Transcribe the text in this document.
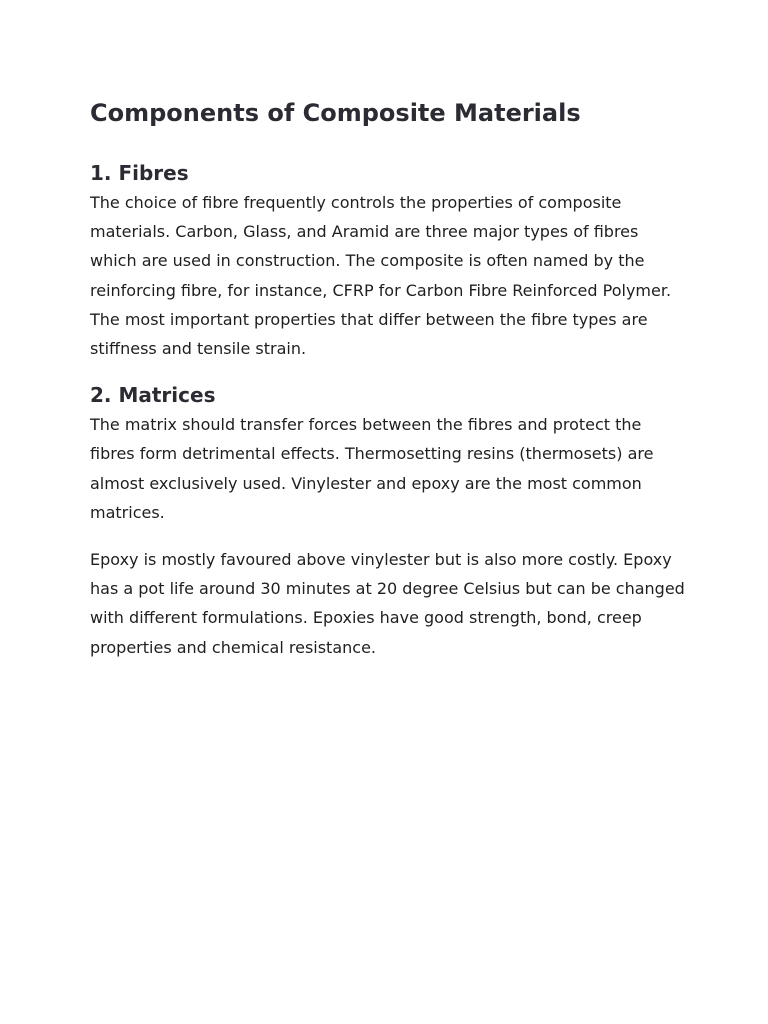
Components of Composite Materials
1. Fibres

The choice of fibre frequently controls the properties of composite materials. Carbon, Glass, and Aramid are three major types of fibres which are used in construction. The composite is often named by the reinforcing fibre, for instance, CFRP for Carbon Fibre Reinforced Polymer. The most important properties that differ between the fibre types are stiffness and tensile strain.

2. Matrices

The matrix should transfer forces between the fibres and protect the fibres form detrimental effects. Thermosetting resins (thermosets) are almost exclusively used. Vinylester and epoxy are the most common matrices.

Epoxy is mostly favoured above vinylester but is also more costly. Epoxy has a pot life around 30 minutes at 20 degree Celsius but can be changed with different formulations. Epoxies have good strength, bond, creep properties and chemical resistance.
